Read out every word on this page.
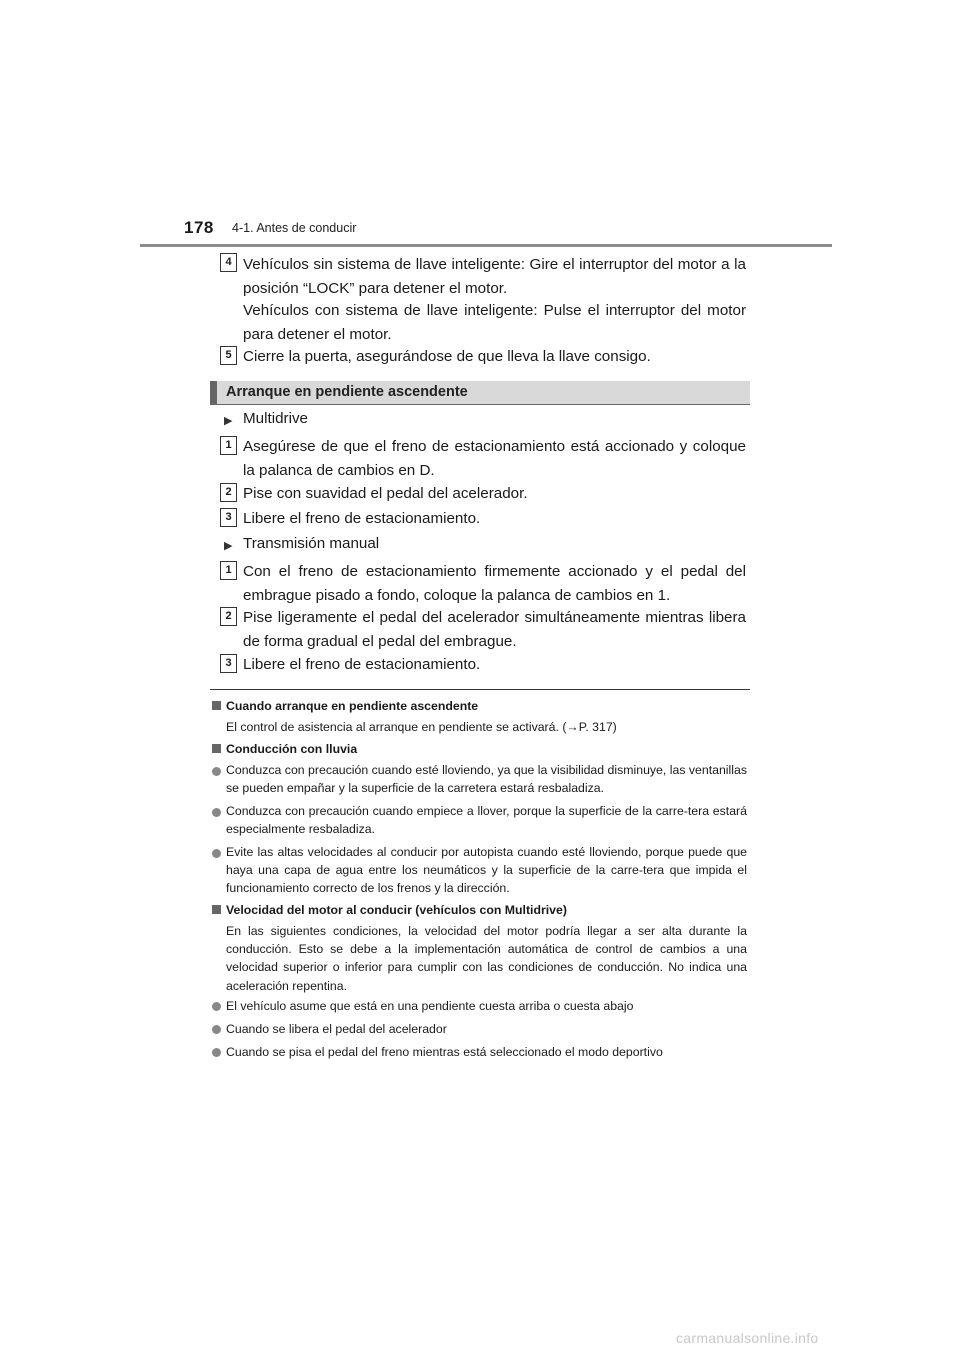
178 4-1. Antes de conducir
4 Vehículos sin sistema de llave inteligente: Gire el interruptor del motor a la posición “LOCK” para detener el motor.

Vehículos con sistema de llave inteligente: Pulse el interruptor del motor para detener el motor.

5 Cierre la puerta, asegurándose de que lleva la llave consigo.

Arranque en pendiente ascendente
▶ Multidrive
1 Asegúrese de que el freno de estacionamiento está accionado y coloque la palanca de cambios en D.

2 Pise con suavidad el pedal del acelerador.

3 Libere el freno de estacionamiento.

▶ Transmisión manual
1 Con el freno de estacionamiento firmemente accionado y el pedal del embrague pisado a fondo, coloque la palanca de cambios en 1.

2 Pise ligeramente el pedal del acelerador simultáneamente mientras libera de forma gradual el pedal del embrague.

3 Libere el freno de estacionamiento.

Cuando arranque en pendiente ascendente

El control de asistencia al arranque en pendiente se activará. (→P. 317)

Conducción con lluvia

Conduzca con precaución cuando esté lloviendo, ya que la visibilidad disminuye, las ventanillas se pueden empañar y la superficie de la carretera estará resbaladiza.

Conduzca con precaución cuando empiece a llover, porque la superficie de la carre-tera estará especialmente resbaladiza.

Evite las altas velocidades al conducir por autopista cuando esté lloviendo, porque puede que haya una capa de agua entre los neumáticos y la superficie de la carre-tera que impida el funcionamiento correcto de los frenos y la dirección.

Velocidad del motor al conducir (vehículos con Multidrive)

En las siguientes condiciones, la velocidad del motor podría llegar a ser alta durante la conducción. Esto se debe a la implementación automática de control de cambios a una velocidad superior o inferior para cumplir con las condiciones de conducción. No indica una aceleración repentina.

El vehículo asume que está en una pendiente cuesta arriba o cuesta abajo

Cuando se libera el pedal del acelerador

Cuando se pisa el pedal del freno mientras está seleccionado el modo deportivo

carmanualsonline.info
